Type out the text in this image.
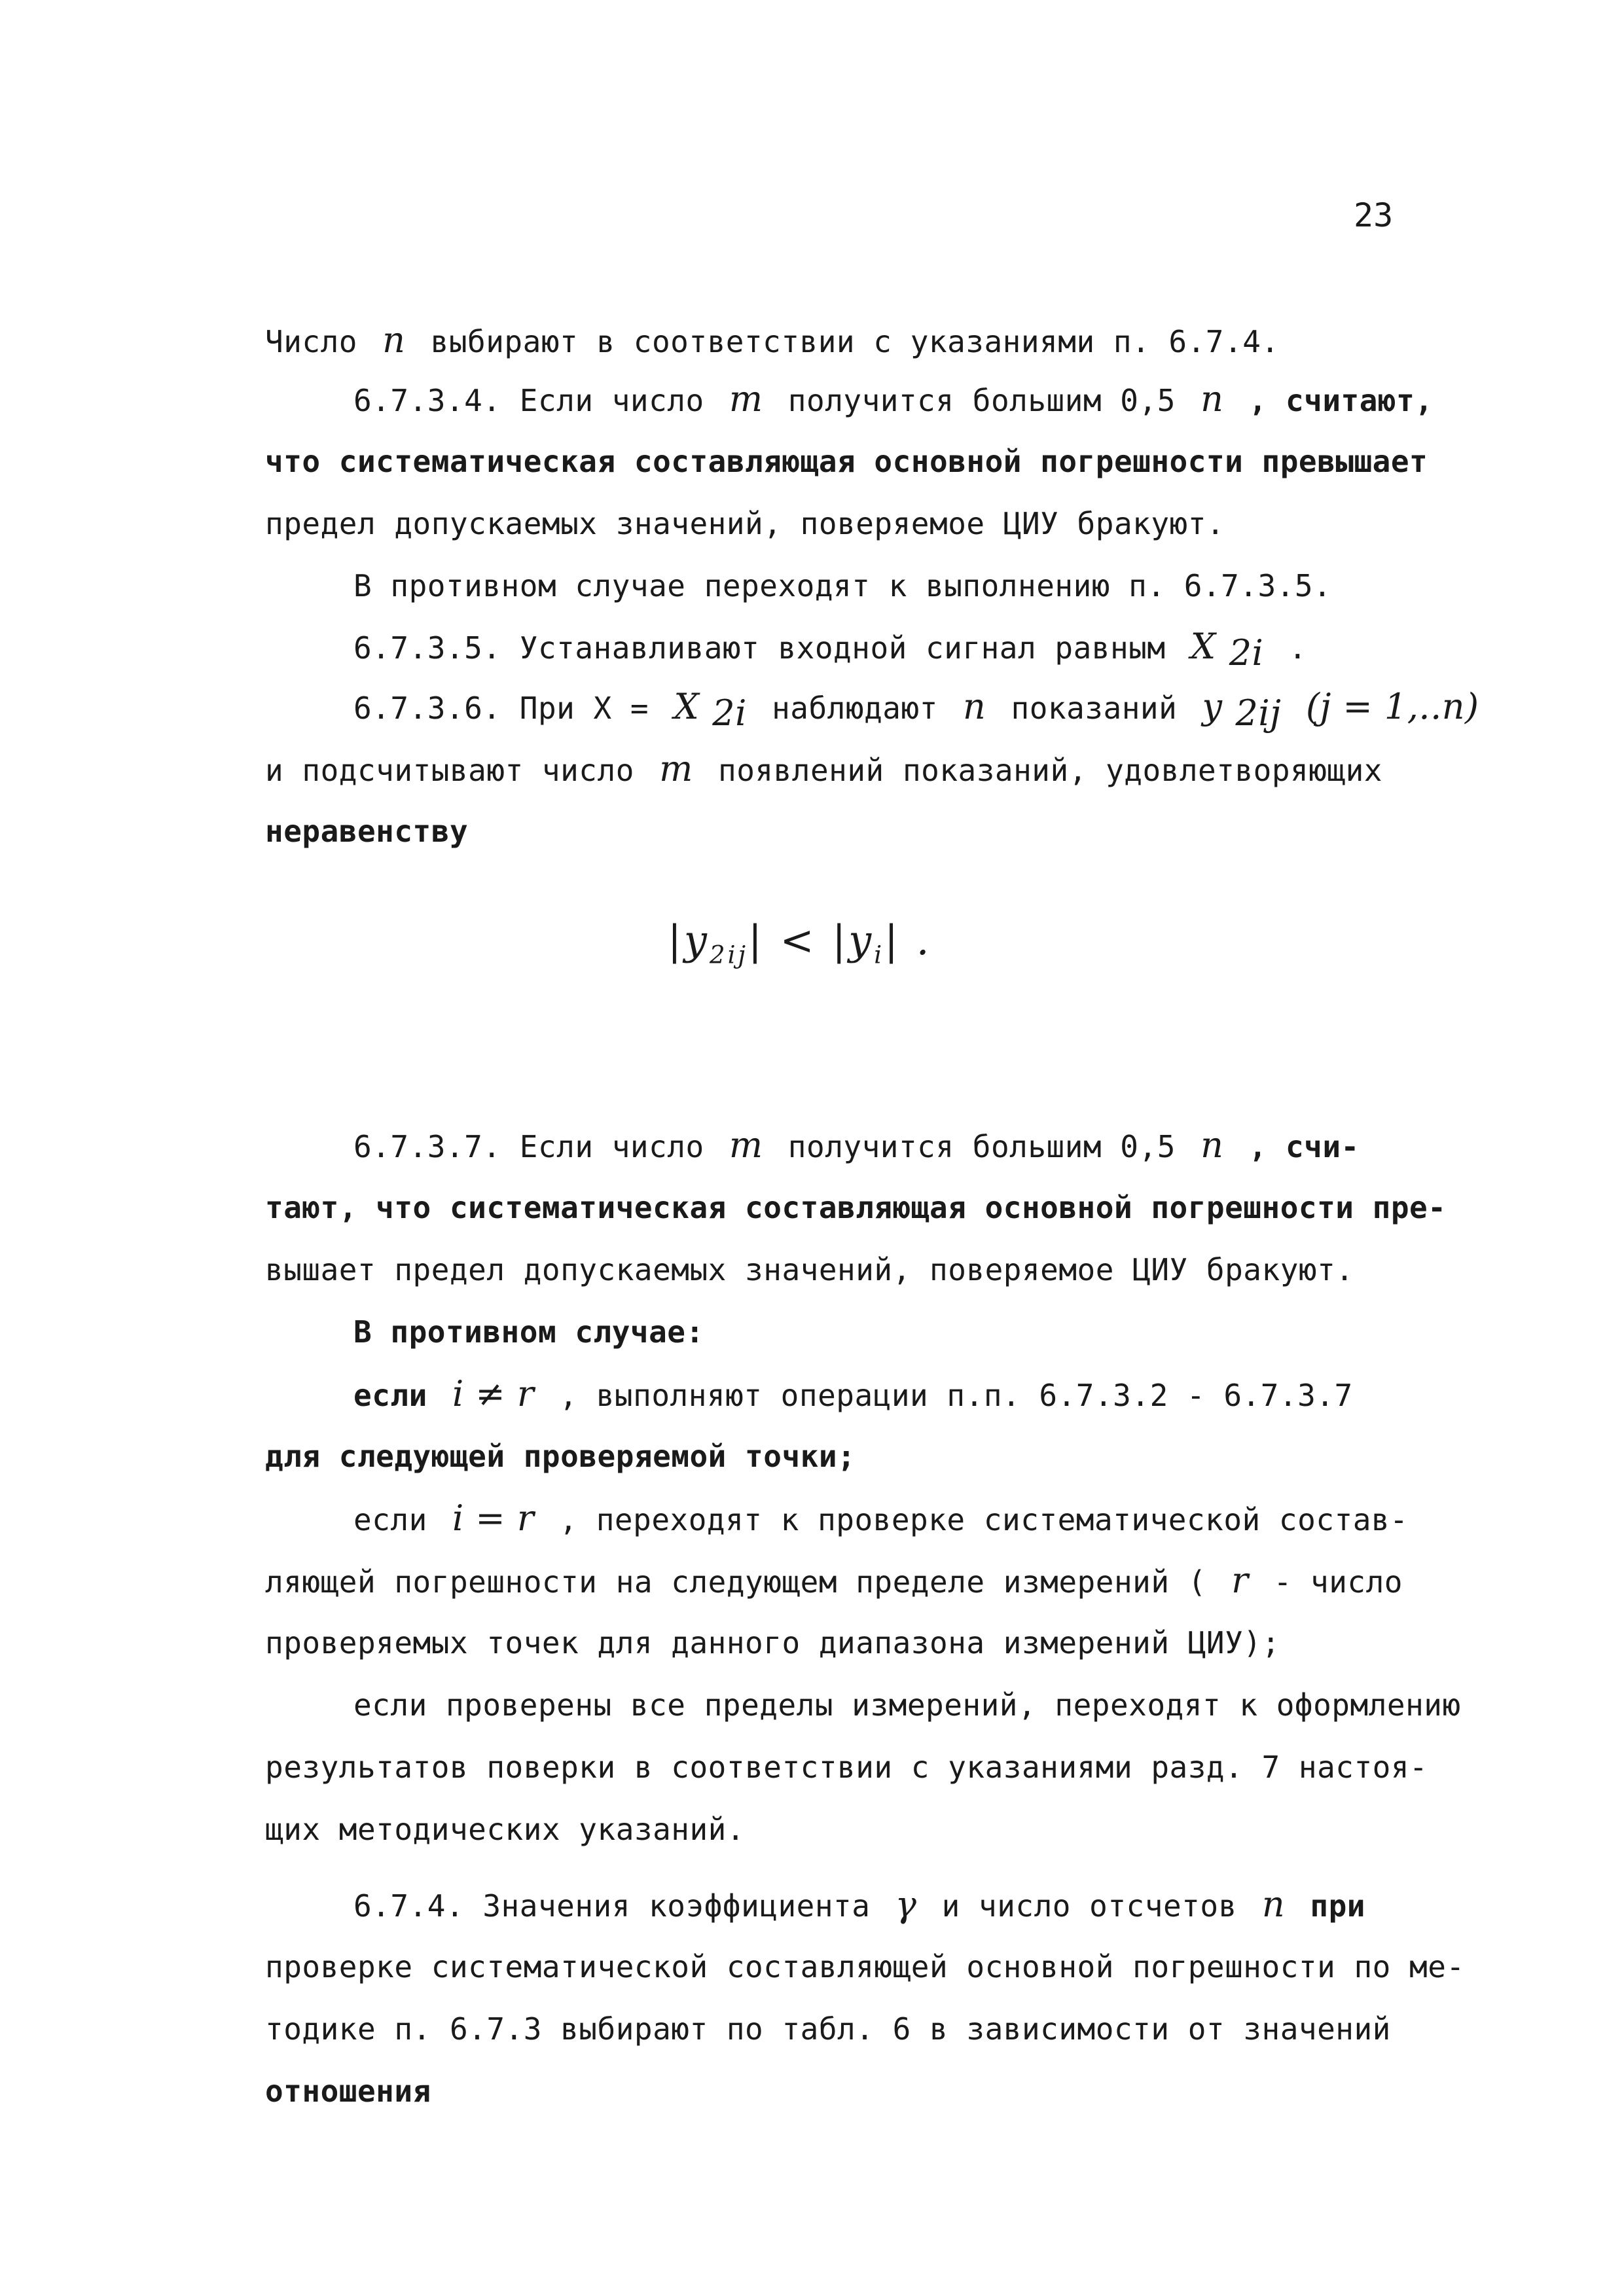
23
Число n выбирают в соответствии с указаниями п. 6.7.4.
6.7.3.4. Если число m получится большим 0,5 n , считают,
что систематическая составляющая основной погрешности превышает
предел допускаемых значений, поверяемое ЦИУ бракуют.
В противном случае переходят к выполнению п. 6.7.3.5.
6.7.3.5. Устанавливают входной сигнал равным X $_{2i}$ .
6.7.3.6. При X = X $_{2i}$ наблюдают n показаний y $_{2ij}$ (j = 1,..n)
и подсчитывают число m появлений показаний, удовлетворяющих
неравенству
$|y_{2ij}| < |y_i|$ .
6.7.3.7. Если число m получится большим 0,5 n , счи-
тают, что систематическая составляющая основной погрешности пре-
вышает предел допускаемых значений, поверяемое ЦИУ бракуют.
В противном случае:
если i ≠ r , выполняют операции п.п. 6.7.3.2 - 6.7.3.7
для следующей проверяемой точки;
если i = r , переходят к проверке систематической состав-
ляющей погрешности на следующем пределе измерений ( r - число
проверяемых точек для данного диапазона измерений ЦИУ);
если проверены все пределы измерений, переходят к оформлению
результатов поверки в соответствии с указаниями разд. 7 настоя-
щих методических указаний.
6.7.4. Значения коэффициента γ и число отсчетов n при
проверке систематической составляющей основной погрешности по ме-
тодике п. 6.7.3 выбирают по табл. 6 в зависимости от значений
отношения
